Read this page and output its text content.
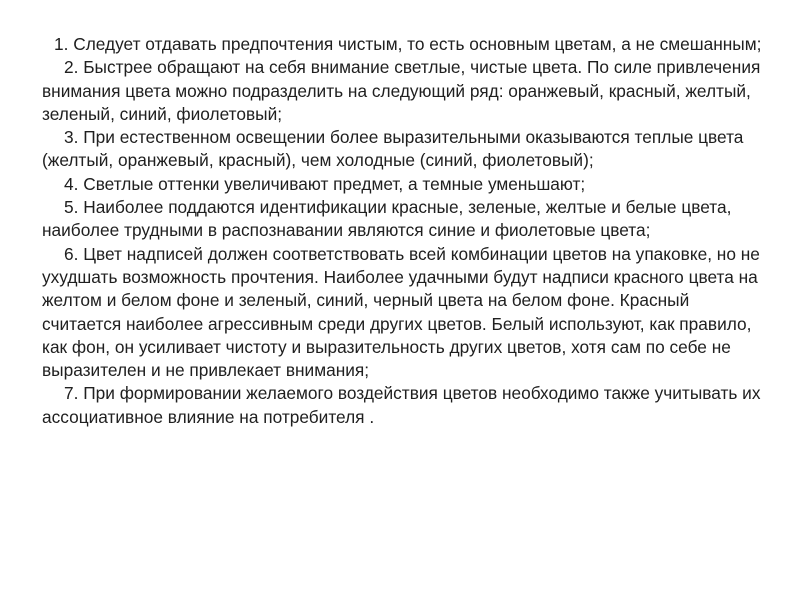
1. Следует отдавать предпочтения чистым, то есть основным цветам, а не смешанным;

2. Быстрее обращают на себя внимание светлые, чистые цвета. По силе привлечения внимания цвета можно подразделить на следующий ряд: оранжевый, красный, желтый, зеленый, синий, фиолетовый;

3. При естественном освещении более выразительными оказываются теплые цвета (желтый, оранжевый, красный), чем холодные (синий, фиолетовый);

4. Светлые оттенки увеличивают предмет, а темные уменьшают;

5. Наиболее поддаются идентификации красные, зеленые, желтые и белые цвета, наиболее трудными в распознавании являются синие и фиолетовые цвета;

6. Цвет надписей должен соответствовать всей комбинации цветов на упаковке, но не ухудшать возможность прочтения. Наиболее удачными будут надписи красного цвета на желтом и белом фоне и зеленый, синий, черный цвета на белом фоне. Красный считается наиболее агрессивным среди других цветов. Белый используют, как правило, как фон, он усиливает чистоту и выразительность других цветов, хотя сам по себе не выразителен и не привлекает внимания;

7. При формировании желаемого воздействия цветов необходимо также учитывать их ассоциативное влияние на потребителя .
